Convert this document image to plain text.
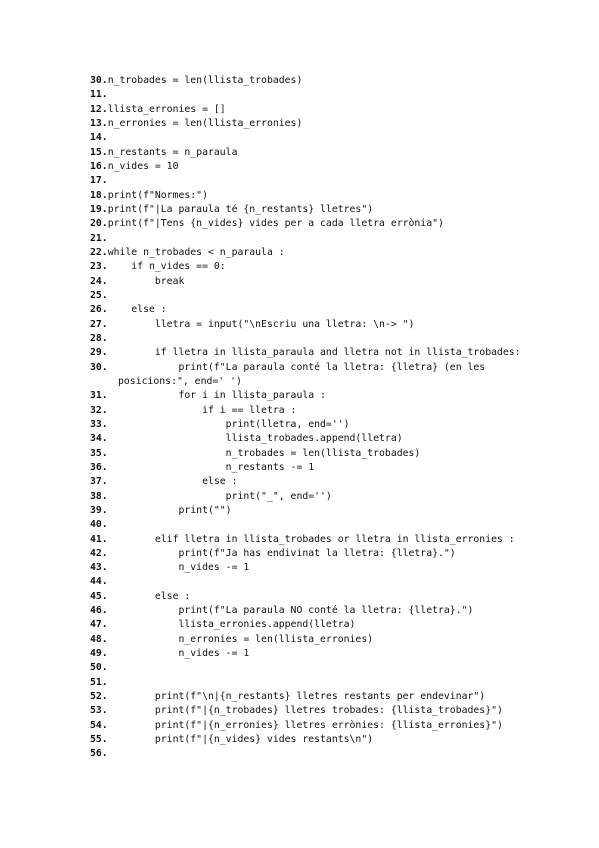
30. n_trobades = len(llista_trobades)
11.
12. llista_erronies = []
13. n_erronies = len(llista_erronies)
14.
15. n_restants = n_paraula
16. n_vides = 10
17.
18. print(f"Normes:")
19. print(f"|La paraula té {n_restants} lletres")
20. print(f"|Tens {n_vides} vides per a cada lletra errònia")
21.
22. while n_trobades < n_paraula :
23. if n_vides == 0:
24. break
25.
26. else :
27. lletra = input("\nEscriu una lletra: \n-> ")
28.
29. if lletra in llista_paraula and lletra not in llista_trobades:
30. print(f"La paraula conté la lletra: {lletra} (en les
posicions:", end=' ')
31. for i in llista_paraula :
32. if i == lletra :
33. print(lletra, end='')
34. llista_trobades.append(lletra)
35. n_trobades = len(llista_trobades)
36. n_restants -= 1
37. else :
38. print("_", end='')
39. print("")
40.
41. elif lletra in llista_trobades or lletra in llista_erronies :
42. print(f"Ja has endivinat la lletra: {lletra}.")
43. n_vides -= 1
44.
45. else :
46. print(f"La paraula NO conté la lletra: {lletra}.")
47. llista_erronies.append(lletra)
48. n_erronies = len(llista_erronies)
49. n_vides -= 1
50.
51.
52. print(f"\n|{n_restants} lletres restants per endevinar")
53. print(f"|{n_trobades} lletres trobades: {llista_trobades}")
54. print(f"|{n_erronies} lletres errònies: {llista_erronies}")
55. print(f"|{n_vides} vides restants\n")
56.
